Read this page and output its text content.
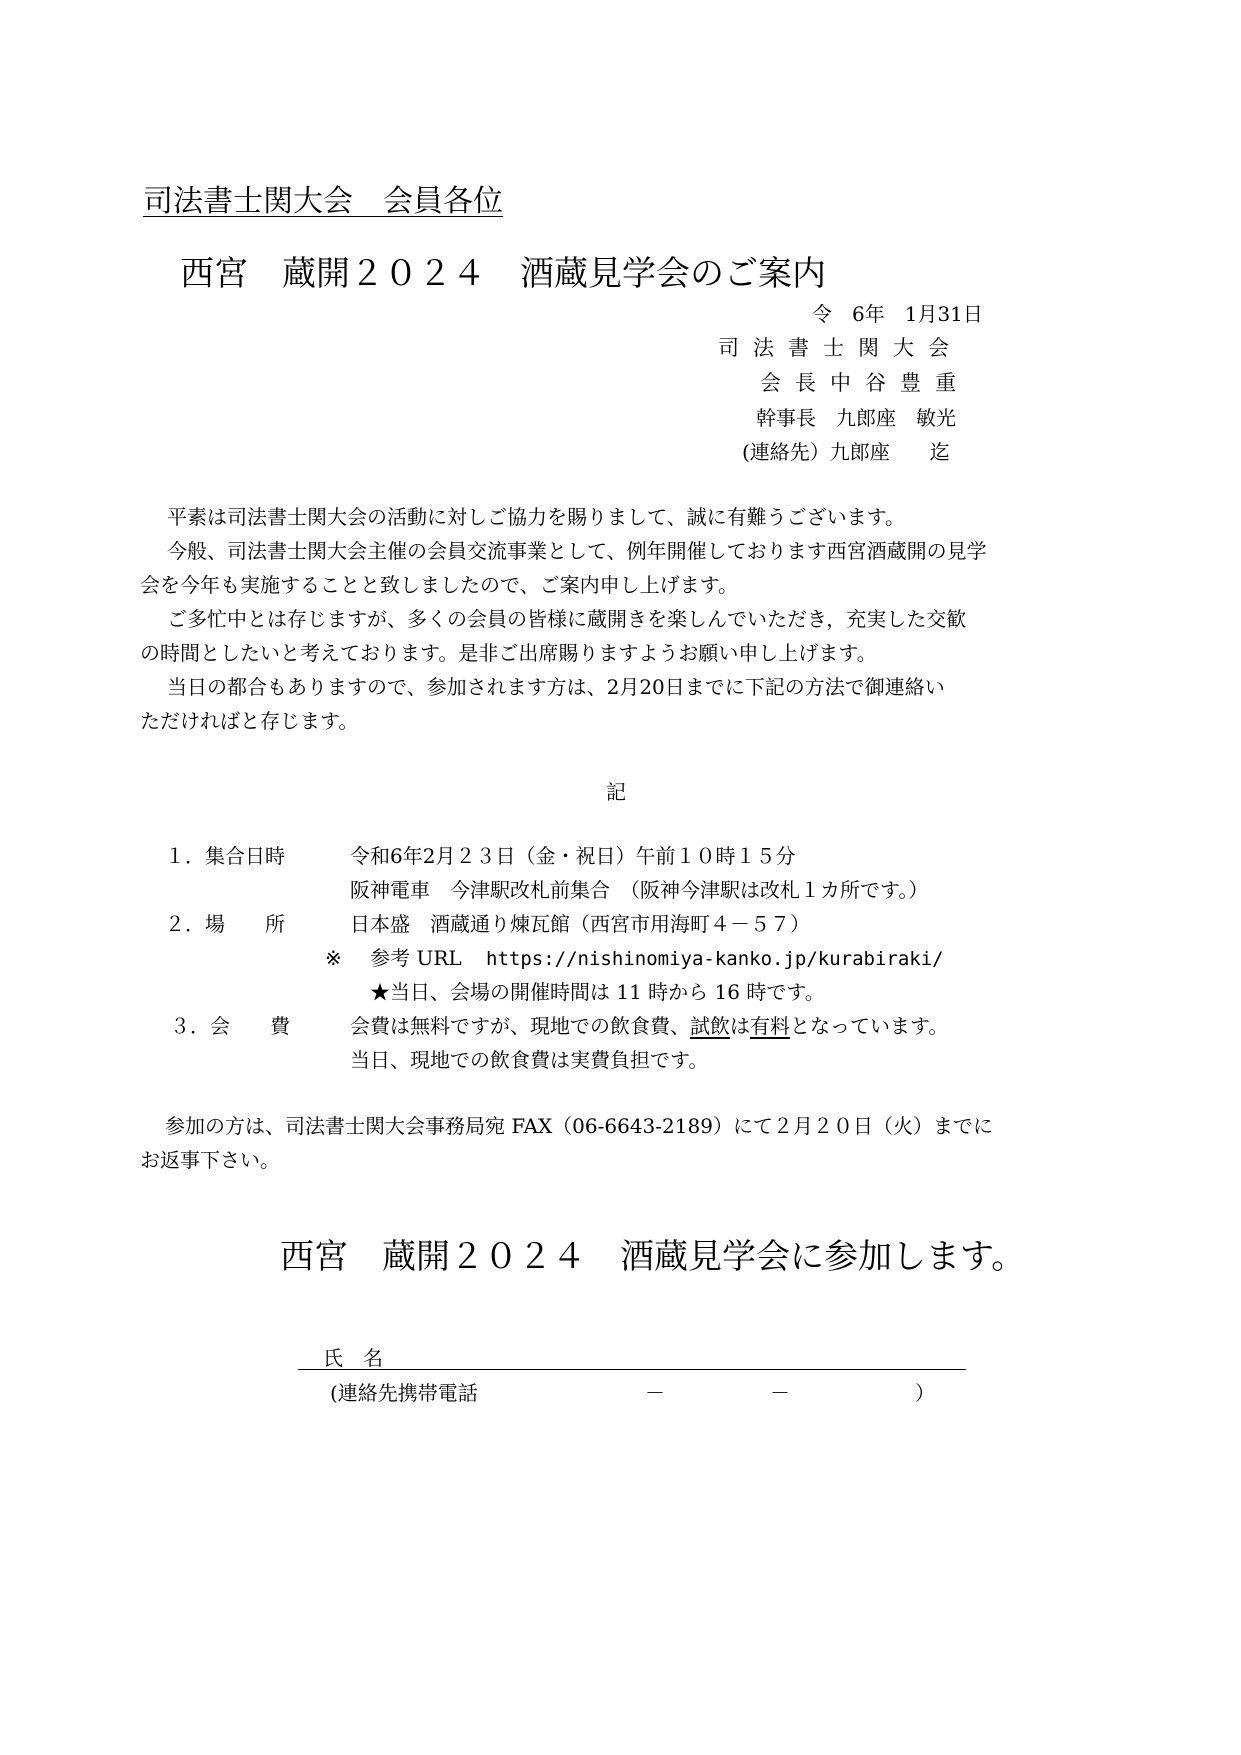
司法書士関大会　会員各位
西宮　蔵開２０２４　酒蔵見学会のご案内
令　6年　1月31日
司法書士関大会
会長中谷豊重
幹事長　九郎座　敏光
(連絡先）九郎座　　迄
平素は司法書士関大会の活動に対しご協力を賜りまして、誠に有難うございます。
今般、司法書士関大会主催の会員交流事業として、例年開催しております西宮酒蔵開の見学
会を今年も実施することと致しましたので、ご案内申し上げます。
ご多忙中とは存じますが、多くの会員の皆様に蔵開きを楽しんでいただき，充実した交歓
の時間としたいと考えております。是非ご出席賜りますようお願い申し上げます。
当日の都合もありますので、参加されます方は、2月20日までに下記の方法で御連絡い
ただければと存じます。
記
１．集合日時	令和6年2月２３日（金・祝日）午前１０時１５分
阪神電車　今津駅改札前集合　（阪神今津駅は改札１カ所です。）
２．場　　所	日本盛　酒蔵通り煉瓦館（西宮市用海町４－５７）
※ 参考 URL https://nishinomiya-kanko.jp/kurabiraki/
★当日、会場の開催時間は 11 時から 16 時です。
３．会　　費	会費は無料ですが、現地での飲食費、試飲は有料となっています。
当日、現地での飲食費は実費負担です。
参加の方は、司法書士関大会事務局宛 FAX（06-6643-2189）にて２月２０日（火）までに
お返事下さい。
西宮　蔵開２０２４　酒蔵見学会に参加します。
氏　名
(連絡先携帯電話	－	－	）
